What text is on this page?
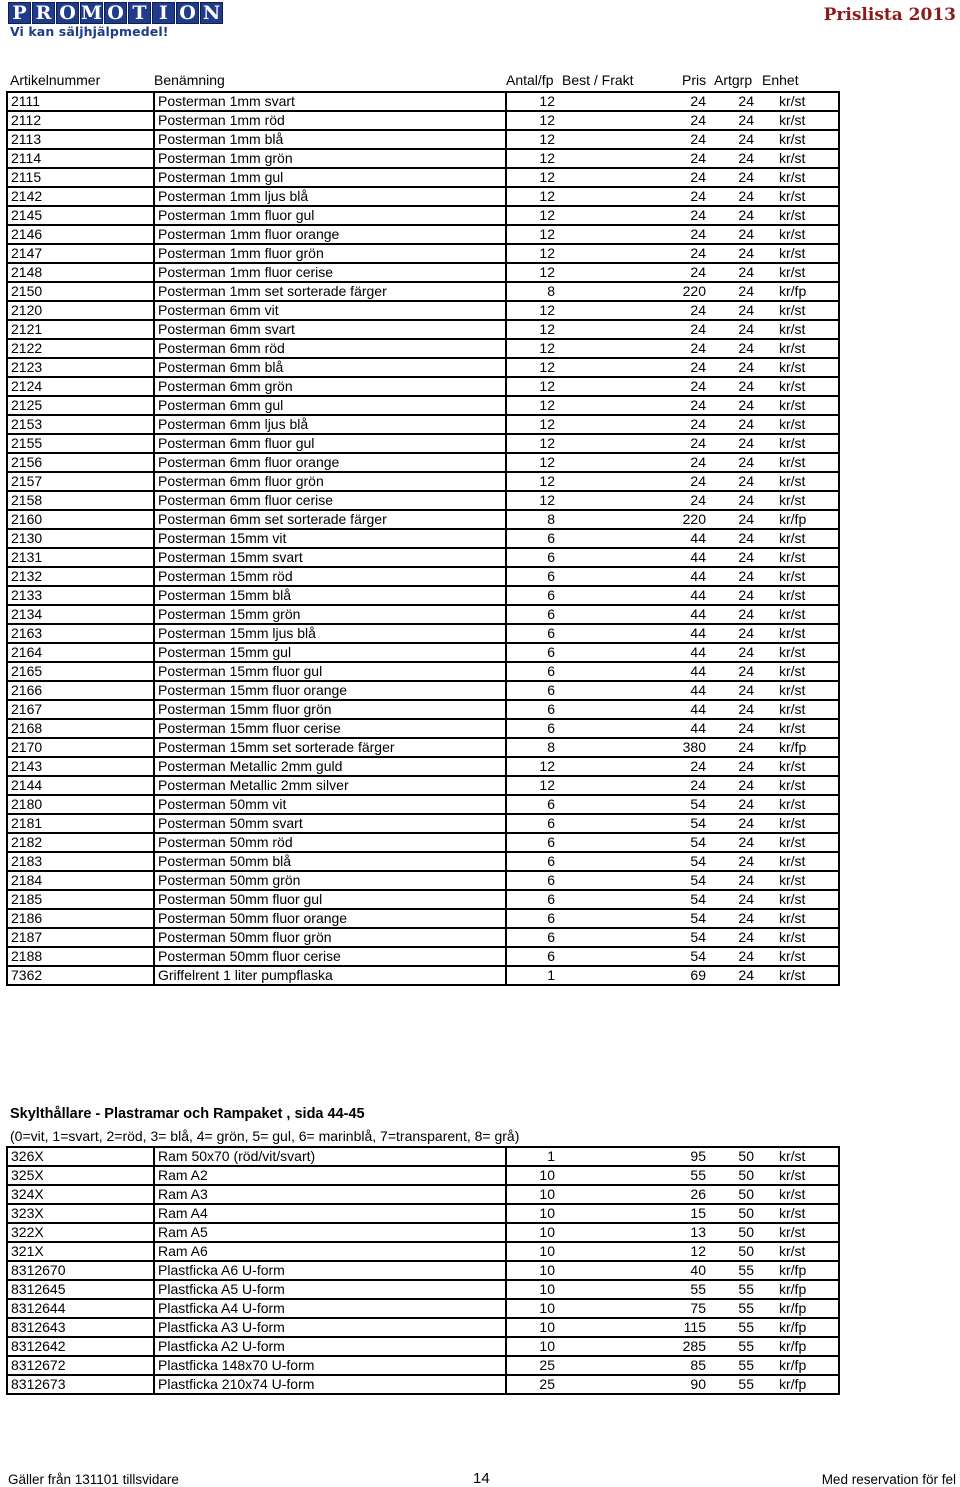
P R O M O T I O N
Vi kan säljhjälpmedel!
Prislista 2013
Artikelnummer	Benämning	Antal/fp Best / Frakt	Pris Artgrp Enhet
2111	Posterman 1mm svart	12	24	24	kr/st
2112	Posterman 1mm röd	12	24	24	kr/st
2113	Posterman 1mm blå	12	24	24	kr/st
2114	Posterman 1mm grön	12	24	24	kr/st
2115	Posterman 1mm gul	12	24	24	kr/st
2142	Posterman 1mm ljus blå	12	24	24	kr/st
2145	Posterman 1mm fluor gul	12	24	24	kr/st
2146	Posterman 1mm fluor orange	12	24	24	kr/st
2147	Posterman 1mm fluor grön	12	24	24	kr/st
2148	Posterman 1mm fluor cerise	12	24	24	kr/st
2150	Posterman 1mm set sorterade färger	8	220	24	kr/fp
2120	Posterman 6mm vit	12	24	24	kr/st
2121	Posterman 6mm svart	12	24	24	kr/st
2122	Posterman 6mm röd	12	24	24	kr/st
2123	Posterman 6mm blå	12	24	24	kr/st
2124	Posterman 6mm grön	12	24	24	kr/st
2125	Posterman 6mm gul	12	24	24	kr/st
2153	Posterman 6mm ljus blå	12	24	24	kr/st
2155	Posterman 6mm fluor gul	12	24	24	kr/st
2156	Posterman 6mm fluor orange	12	24	24	kr/st
2157	Posterman 6mm fluor grön	12	24	24	kr/st
2158	Posterman 6mm fluor cerise	12	24	24	kr/st
2160	Posterman 6mm set sorterade färger	8	220	24	kr/fp
2130	Posterman 15mm vit	6	44	24	kr/st
2131	Posterman 15mm svart	6	44	24	kr/st
2132	Posterman 15mm röd	6	44	24	kr/st
2133	Posterman 15mm blå	6	44	24	kr/st
2134	Posterman 15mm grön	6	44	24	kr/st
2163	Posterman 15mm ljus blå	6	44	24	kr/st
2164	Posterman 15mm gul	6	44	24	kr/st
2165	Posterman 15mm fluor gul	6	44	24	kr/st
2166	Posterman 15mm fluor orange	6	44	24	kr/st
2167	Posterman 15mm fluor grön	6	44	24	kr/st
2168	Posterman 15mm fluor cerise	6	44	24	kr/st
2170	Posterman 15mm set sorterade färger	8	380	24	kr/fp
2143	Posterman Metallic 2mm guld	12	24	24	kr/st
2144	Posterman Metallic 2mm silver	12	24	24	kr/st
2180	Posterman 50mm vit	6	54	24	kr/st
2181	Posterman 50mm svart	6	54	24	kr/st
2182	Posterman 50mm röd	6	54	24	kr/st
2183	Posterman 50mm blå	6	54	24	kr/st
2184	Posterman 50mm grön	6	54	24	kr/st
2185	Posterman 50mm fluor gul	6	54	24	kr/st
2186	Posterman 50mm fluor orange	6	54	24	kr/st
2187	Posterman 50mm fluor grön	6	54	24	kr/st
2188	Posterman 50mm fluor cerise	6	54	24	kr/st
7362	Griffelrent 1 liter pumpflaska	1	69	24	kr/st
Skylthållare - Plastramar och Rampaket , sida 44-45
(0=vit, 1=svart, 2=röd, 3= blå, 4= grön, 5= gul, 6= marinblå, 7=transparent, 8= grå)
326X	Ram 50x70 (röd/vit/svart)	1	95	50	kr/st
325X	Ram A2	10	55	50	kr/st
324X	Ram A3	10	26	50	kr/st
323X	Ram A4	10	15	50	kr/st
322X	Ram A5	10	13	50	kr/st
321X	Ram A6	10	12	50	kr/st
8312670	Plastficka A6 U-form	10	40	55	kr/fp
8312645	Plastficka A5 U-form	10	55	55	kr/fp
8312644	Plastficka A4 U-form	10	75	55	kr/fp
8312643	Plastficka A3 U-form	10	115	55	kr/fp
8312642	Plastficka A2 U-form	10	285	55	kr/fp
8312672	Plastficka 148x70 U-form	25	85	55	kr/fp
8312673	Plastficka 210x74 U-form	25	90	55	kr/fp
Gäller från 131101 tillsvidare	14	Med reservation för fel
